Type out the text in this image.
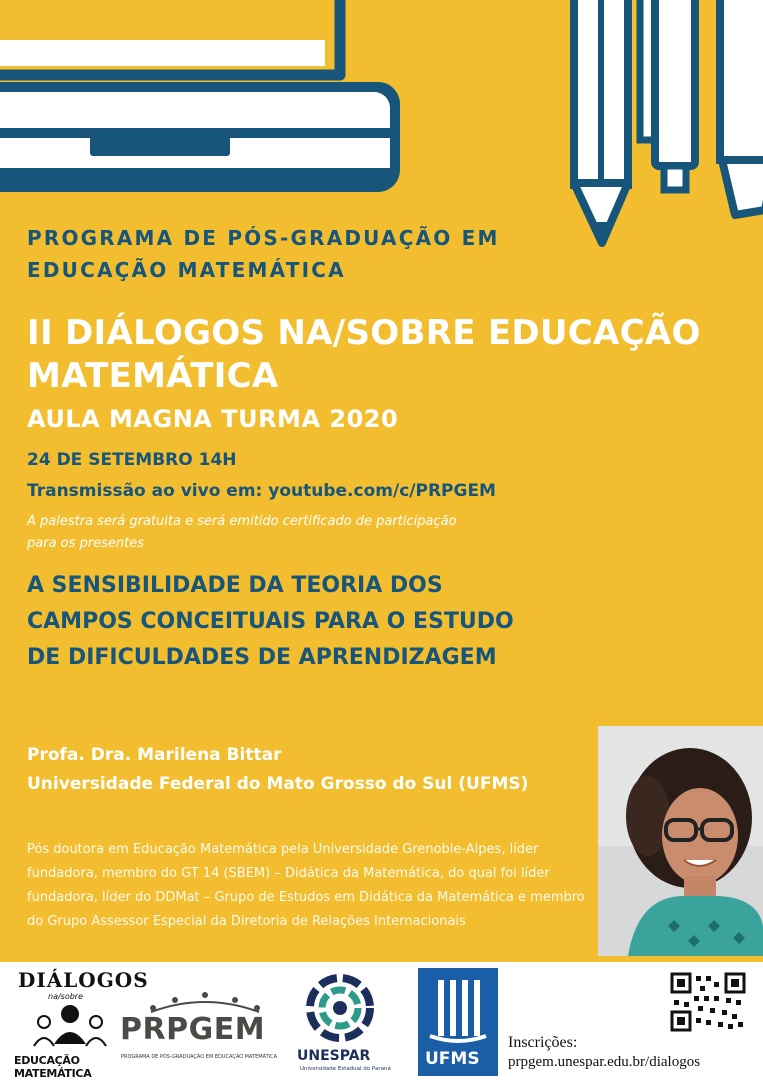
PROGRAMA DE PÓS-GRADUAÇÃO EM EDUCAÇÃO MATEMÁTICA
II DIÁLOGOS NA/SOBRE EDUCAÇÃO MATEMÁTICA
AULA MAGNA TURMA 2020
24 DE SETEMBRO 14H
Transmissão ao vivo em: youtube.com/c/PRPGEM
A palestra será gratuita e será emitido certificado de participação para os presentes
A SENSIBILIDADE DA TEORIA DOS CAMPOS CONCEITUAIS PARA O ESTUDO DE DIFICULDADES DE APRENDIZAGEM
Profa. Dra. Marilena Bittar
Universidade Federal do Mato Grosso do Sul (UFMS)
Pós doutora em Educação Matemática pela Universidade Grenoble-Alpes, líder fundadora, membro do GT 14 (SBEM) – Didática da Matemática, do qual foi líder fundadora, líder do DDMat – Grupo de Estudos em Didática da Matemática e membro do Grupo Assessor Especial da Diretoria de Relações Internacionais
DIÁLOGOS
na/sobre
EDUCAÇÃO MATEMÁTICA
PRPGEM
PROGRAMA DE PÓS-GRADUAÇÃO EM EDUCAÇÃO MATEMÁTICA UNESPAR
Universidade Estadual do Paraná UFMS
Inscrições:
prpgem.unespar.edu.br/dialogos
